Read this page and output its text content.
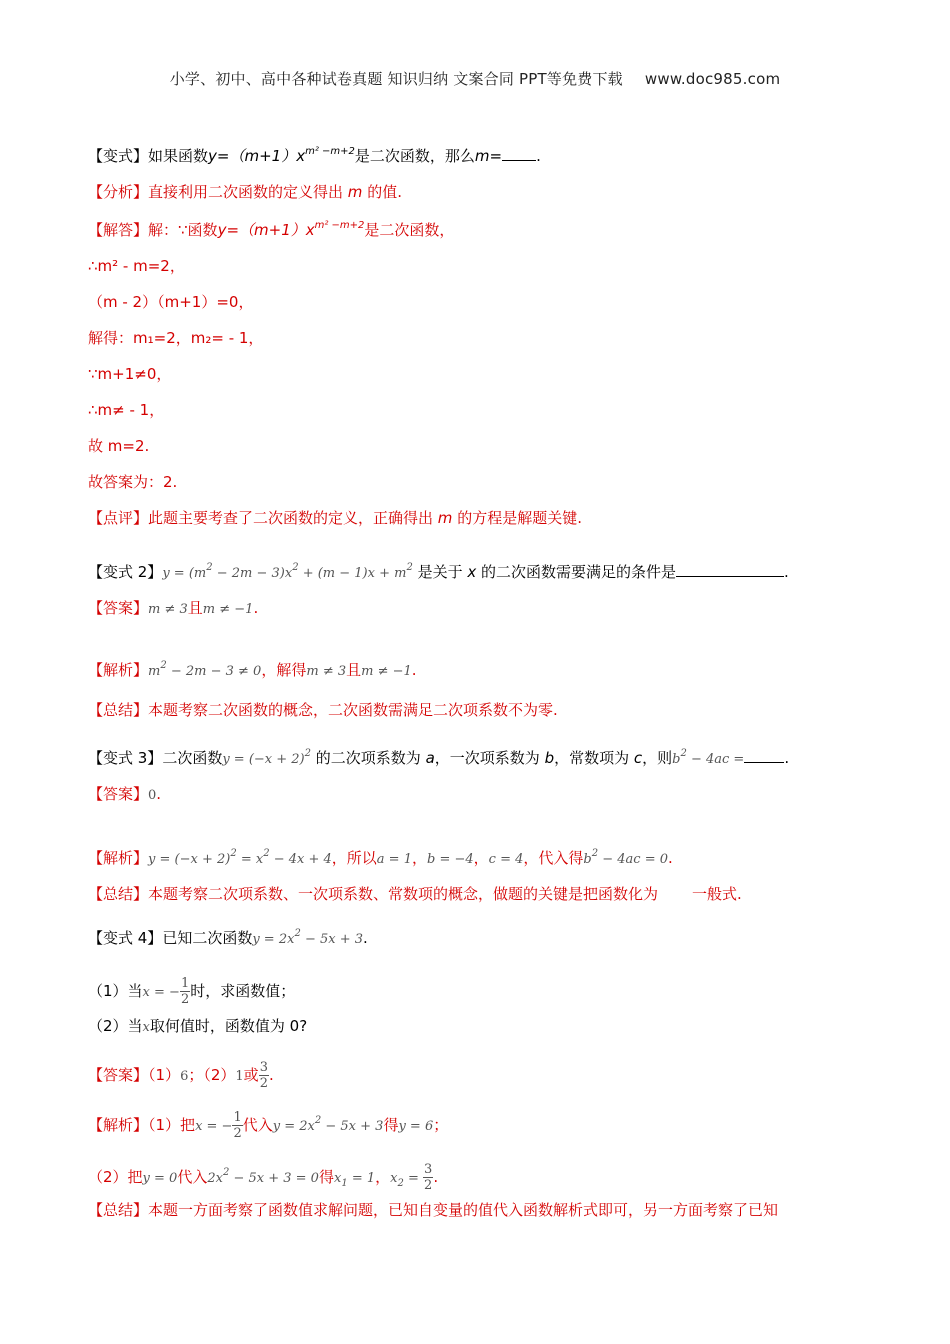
小学、初中、高中各种试卷真题 知识归纳 文案合同 PPT等免费下载 www.doc985.com
【变式】如果函数$y=(m+1)x^{m^2 -m+2}$是二次函数，那么m= .
【分析】直接利用二次函数的定义得出 m 的值.
【解答】解：∵函数$y=(m+1)x^{m^2 -m+2}$是二次函数，
∴m² - m=2，
（m - 2）（m+1）=0，
解得：m₁=2，m₂= - 1，
∵m+1≠0，
∴m≠ - 1，
故 m=2.
故答案为：2.
【点评】此题主要考查了二次函数的定义，正确得出 m 的方程是解题关键.
【变式 2】$y = (m^2 - 2m - 3)x^2 + (m - 1)x + m^2$ 是关于 x 的二次函数需要满足的条件是	.
【答案】m ≠ 3且m ≠ −1.
【解析】$m^2 - 2m - 3 \ne 0$，解得m ≠ 3且m ≠ −1.
【总结】本题考察二次函数的概念，二次函数需满足二次项系数不为零.
【变式 3】二次函数$y = (-x + 2)^2$ 的二次项系数为 a，一次项系数为 b，常数项为 c，则$b^2 - 4ac$ =	.
【答案】0.
【解析】$y = (-x + 2)^2 = x^2 - 4x + 4$，所以a = 1，b = −4，c = 4，代入得$b^2 - 4ac = 0$.
【总结】本题考察二次项系数、一次项系数、常数项的概念，做题的关键是把函数化为 一般式.
【变式 4】已知二次函数$y = 2x^2 - 5x + 3$.
（1）当x = − $\frac{1}{2}$ 时，求函数值；
（2）当x取何值时，函数值为 0?
【答案】（1）6；（2）1或 $\frac{3}{2}$ .
【解析】（1）把x = − $\frac{1}{2}$ 代入$y = 2x^2 - 5x + 3$得y = 6；
（2）把y = 0代入$2x^2 - 5x + 3 = 0$得$x_1 = 1$，$x_2 = \frac{3}{2}$ .
【总结】本题一方面考察了函数值求解问题，已知自变量的值代入函数解析式即可，另一方面考察了已知
